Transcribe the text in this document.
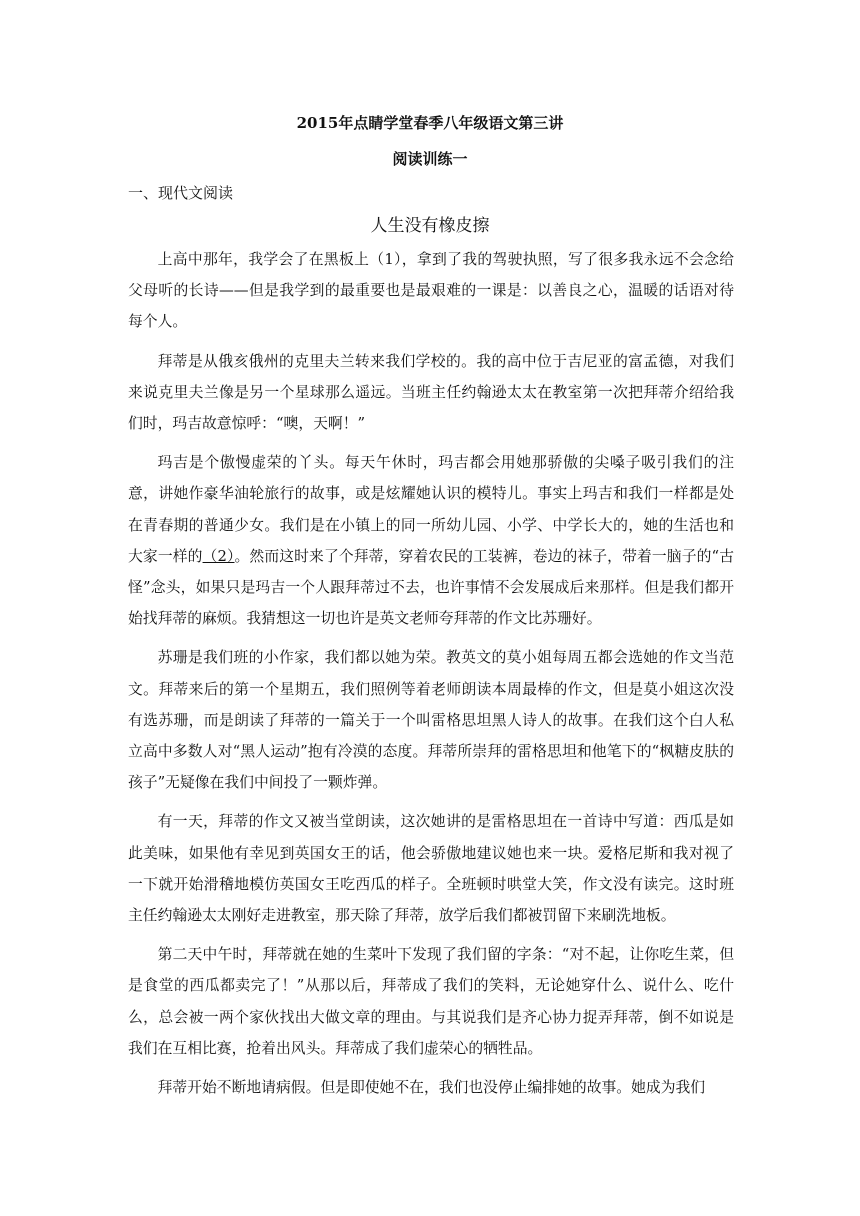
2015年点睛学堂春季八年级语文第三讲
阅读训练一
一、现代文阅读
人生没有橡皮擦

上高中那年，我学会了在黑板上（1），拿到了我的驾驶执照，写了很多我永远不会念给父母听的长诗——但是我学到的最重要也是最艰难的一课是：以善良之心，温暖的话语对待每个人。

拜蒂是从俄亥俄州的克里夫兰转来我们学校的。我的高中位于吉尼亚的富孟德，对我们来说克里夫兰像是另一个星球那么遥远。当班主任约翰逊太太在教室第一次把拜蒂介绍给我们时，玛吉故意惊呼：“噢，天啊！”

玛吉是个傲慢虚荣的丫头。每天午休时，玛吉都会用她那骄傲的尖嗓子吸引我们的注意，讲她作豪华油轮旅行的故事，或是炫耀她认识的模特儿。事实上玛吉和我们一样都是处在青春期的普通少女。我们是在小镇上的同一所幼儿园、小学、中学长大的，她的生活也和大家一样的（2）。然而这时来了个拜蒂，穿着农民的工装裤，卷边的袜子，带着一脑子的“古怪”念头，如果只是玛吉一个人跟拜蒂过不去，也许事情不会发展成后来那样。但是我们都开始找拜蒂的麻烦。我猜想这一切也许是英文老师夸拜蒂的作文比苏珊好。

苏珊是我们班的小作家，我们都以她为荣。教英文的莫小姐每周五都会选她的作文当范文。拜蒂来后的第一个星期五，我们照例等着老师朗读本周最棒的作文，但是莫小姐这次没有选苏珊，而是朗读了拜蒂的一篇关于一个叫雷格思坦黑人诗人的故事。在我们这个白人私立高中多数人对“黑人运动”抱有冷漠的态度。拜蒂所崇拜的雷格思坦和他笔下的“枫糖皮肤的孩子”无疑像在我们中间投了一颗炸弹。

有一天，拜蒂的作文又被当堂朗读，这次她讲的是雷格思坦在一首诗中写道：西瓜是如此美味，如果他有幸见到英国女王的话，他会骄傲地建议她也来一块。爱格尼斯和我对视了一下就开始滑稽地模仿英国女王吃西瓜的样子。全班顿时哄堂大笑，作文没有读完。这时班主任约翰逊太太刚好走进教室，那天除了拜蒂，放学后我们都被罚留下来刷洗地板。

第二天中午时，拜蒂就在她的生菜叶下发现了我们留的字条：“对不起，让你吃生菜，但是食堂的西瓜都卖完了！”从那以后，拜蒂成了我们的笑料，无论她穿什么、说什么、吃什么，总会被一两个家伙找出大做文章的理由。与其说我们是齐心协力捉弄拜蒂，倒不如说是我们在互相比赛，抢着出风头。拜蒂成了我们虚荣心的牺牲品。

拜蒂开始不断地请病假。但是即使她不在，我们也没停止编排她的故事。她成为我们
